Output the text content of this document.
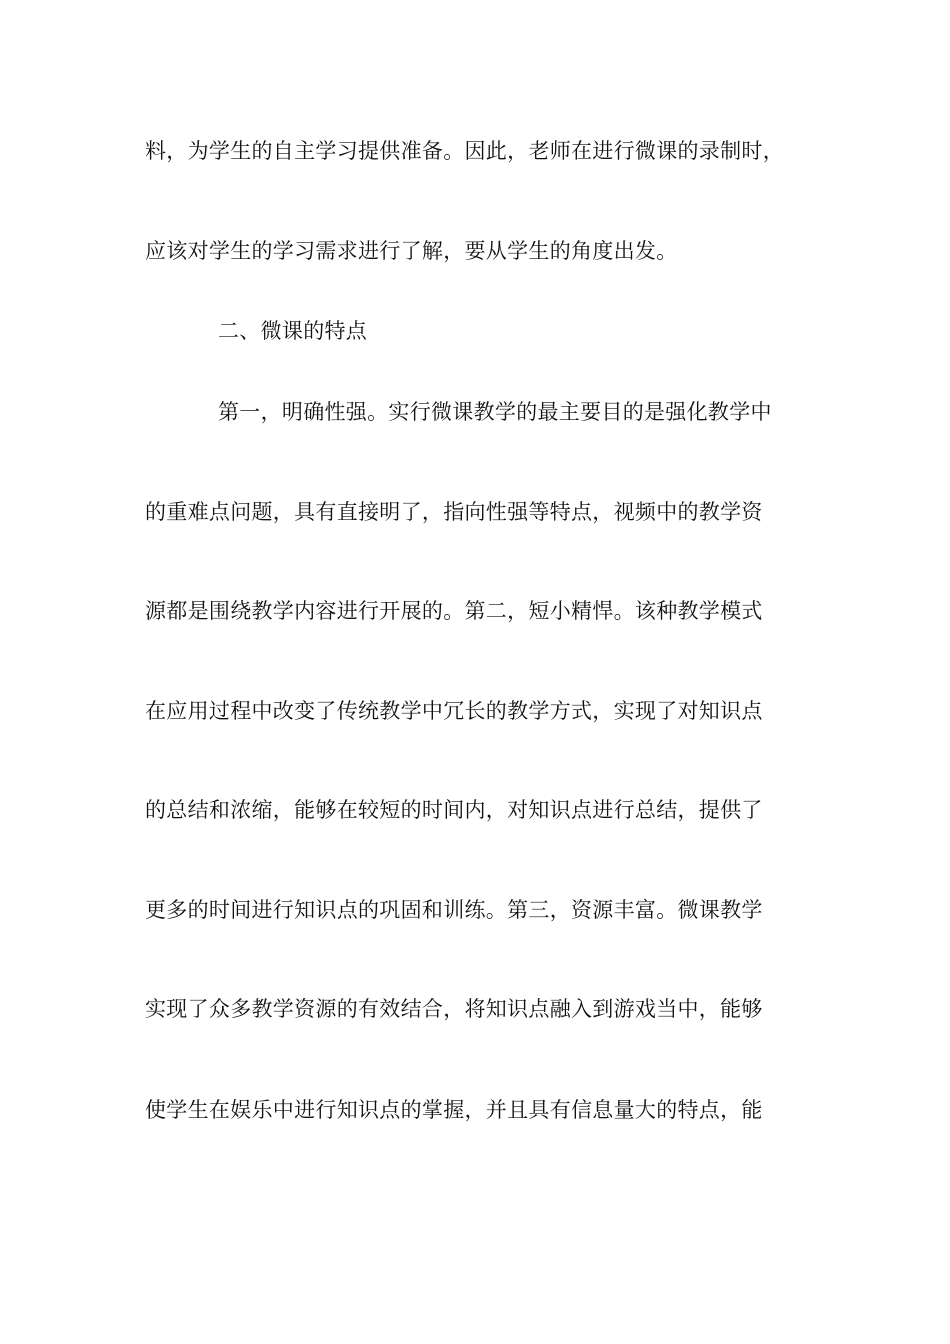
料，为学生的自主学习提供准备。因此，老师在进行微课的录制时，
应该对学生的学习需求进行了解，要从学生的角度出发。
二、微课的特点
第一，明确性强。实行微课教学的最主要目的是强化教学中
的重难点问题，具有直接明了，指向性强等特点，视频中的教学资
源都是围绕教学内容进行开展的。第二，短小精悍。该种教学模式
在应用过程中改变了传统教学中冗长的教学方式，实现了对知识点
的总结和浓缩，能够在较短的时间内，对知识点进行总结，提供了
更多的时间进行知识点的巩固和训练。第三，资源丰富。微课教学
实现了众多教学资源的有效结合，将知识点融入到游戏当中，能够
使学生在娱乐中进行知识点的掌握，并且具有信息量大的特点，能
